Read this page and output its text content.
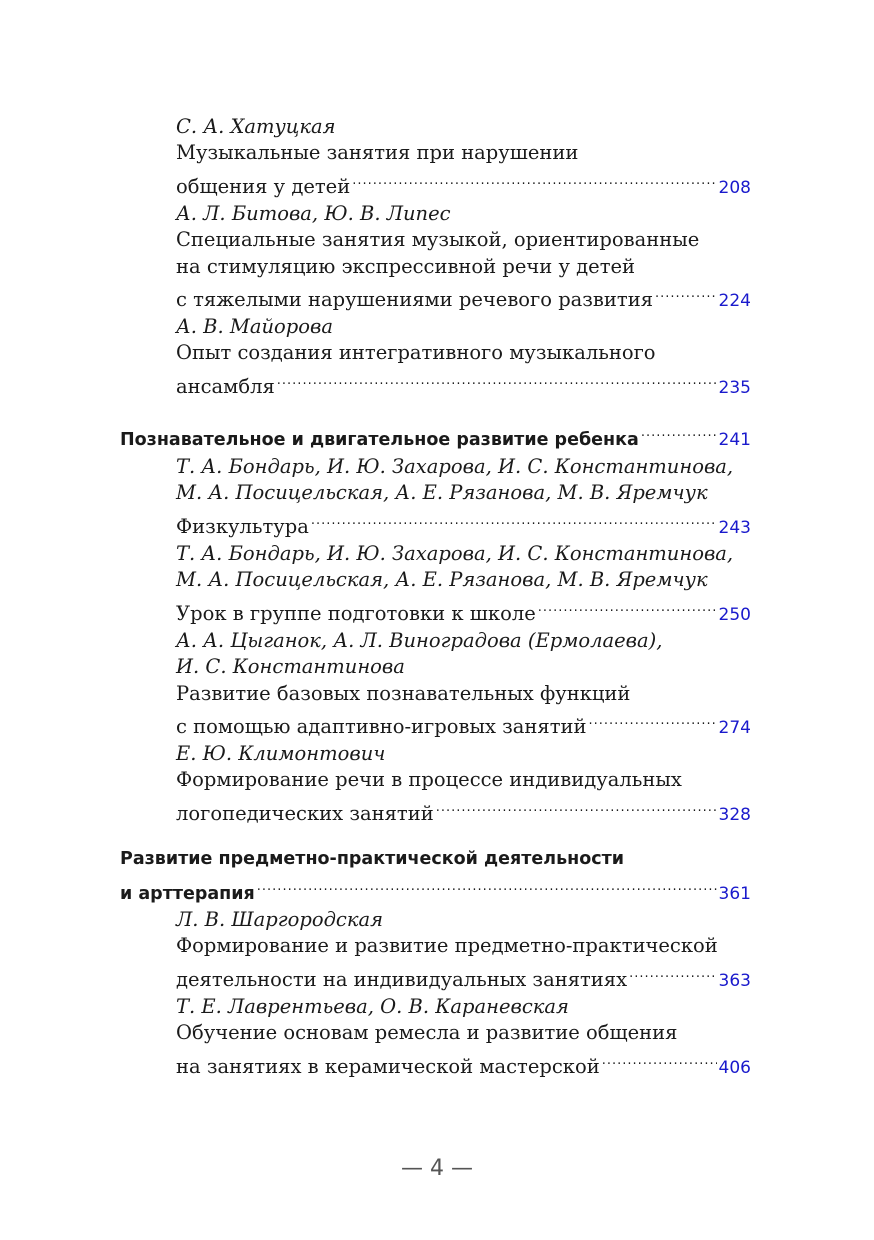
С. А. Хатуцкая
Музыкальные занятия при нарушении
общения у детей .....	208
А. Л. Битова, Ю. В. Липес
Специальные занятия музыкой, ориентированные
на стимуляцию экспрессивной речи у детей
с тяжелыми нарушениями речевого развития .....	224
А. В. Майорова
Опыт создания интегративного музыкального
ансамбля .....	235
Познавательное и двигательное развитие ребенка .....	241
Т. А. Бондарь, И. Ю. Захарова, И. С. Константинова,
М. А. Посицельская, А. Е. Рязанова, М. В. Яремчук
Физкультура .....	243
Т. А. Бондарь, И. Ю. Захарова, И. С. Константинова,
М. А. Посицельская, А. Е. Рязанова, М. В. Яремчук
Урок в группе подготовки к школе .....	250
А. А. Цыганок, А. Л. Виноградова (Ермолаева),
И. С. Константинова
Развитие базовых познавательных функций
с помощью адаптивно-игровых занятий .....	274
Е. Ю. Климонтович
Формирование речи в процессе индивидуальных
логопедических занятий .....	328
Развитие предметно-практической деятельности
и арттерапия .....	361
Л. В. Шаргородская
Формирование и развитие предметно-практической
деятельности на индивидуальных занятиях .....	363
Т. Е. Лаврентьева, О. В. Караневская
Обучение основам ремесла и развитие общения
на занятиях в керамической мастерской .....	406
— 4 —
